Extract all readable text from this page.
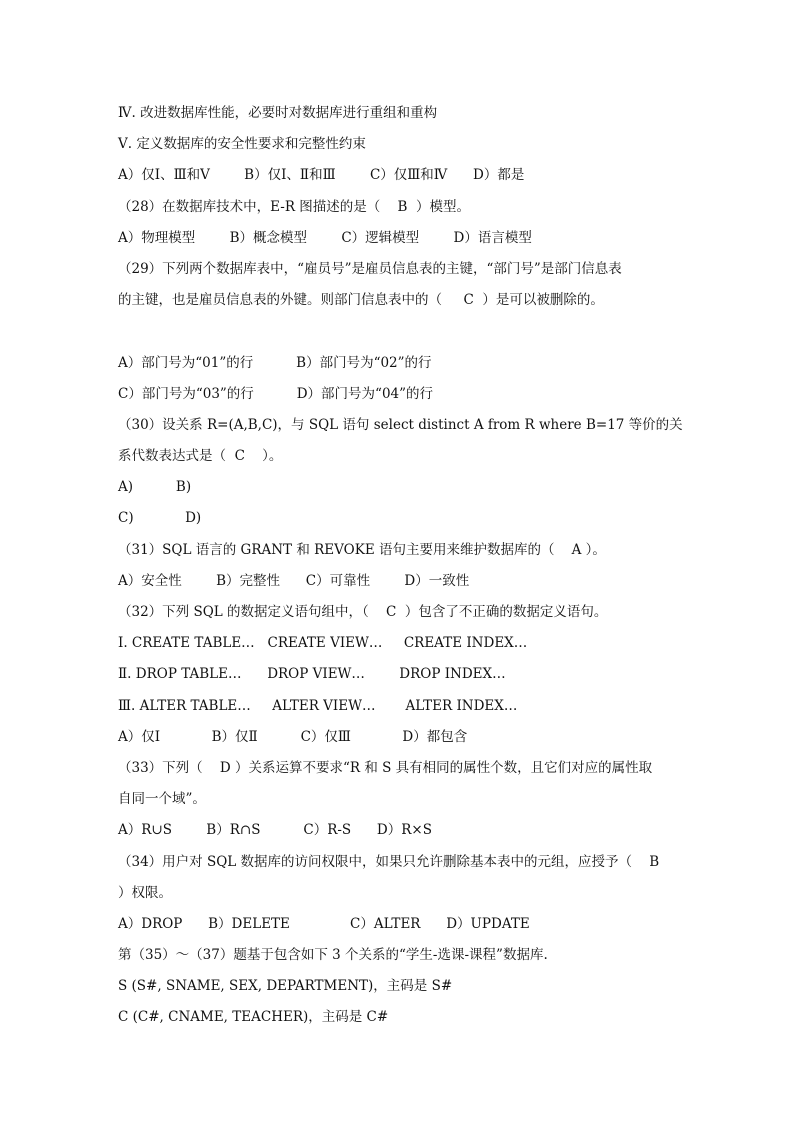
Ⅳ. 改进数据库性能，必要时对数据库进行重组和重构
Ⅴ. 定义数据库的安全性要求和完整性约束
A）仅Ⅰ、Ⅲ和Ⅴ        B）仅Ⅰ、Ⅱ和Ⅲ        C）仅Ⅲ和Ⅳ      D）都是
（28）在数据库技术中，E-R 图描述的是（    B  ）模型。
A）物理模型        B）概念模型        C）逻辑模型        D）语言模型
（29）下列两个数据库表中，“雇员号”是雇员信息表的主键，“部门号”是部门信息表
的主键，也是雇员信息表的外键。则部门信息表中的（     C  ）是可以被删除的。
A）部门号为“01”的行          B）部门号为“02”的行
C）部门号为“03”的行          D）部门号为“04”的行
（30）设关系 R=(A,B,C)，与 SQL 语句 select distinct A from R where B=17 等价的关
系代数表达式是（  C    ）。
A)          B)
C)            D)
（31）SQL 语言的 GRANT 和 REVOKE 语句主要用来维护数据库的（    A ）。
A）安全性        B）完整性      C）可靠性        D）一致性
（32）下列 SQL 的数据定义语句组中，（    C  ）包含了不正确的数据定义语句。
Ⅰ. CREATE TABLE…   CREATE VIEW…     CREATE INDEX…
Ⅱ. DROP TABLE…      DROP VIEW…        DROP INDEX…
Ⅲ. ALTER TABLE…     ALTER VIEW…       ALTER INDEX…
A）仅Ⅰ            B）仅Ⅱ          C）仅Ⅲ            D）都包含
（33）下列（    D ）关系运算不要求“R 和 S 具有相同的属性个数，且它们对应的属性取
自同一个域”。
A）R∪S        B）R∩S          C）R-S      D）R×S
（34）用户对 SQL 数据库的访问权限中，如果只允许删除基本表中的元组，应授予（    B
）权限。
A）DROP      B）DELETE              C）ALTER      D）UPDATE
第（35）～（37）题基于包含如下 3 个关系的“学生-选课-课程”数据库.
S (S#, SNAME, SEX, DEPARTMENT)，主码是 S#
C (C#, CNAME, TEACHER)，主码是 C#
